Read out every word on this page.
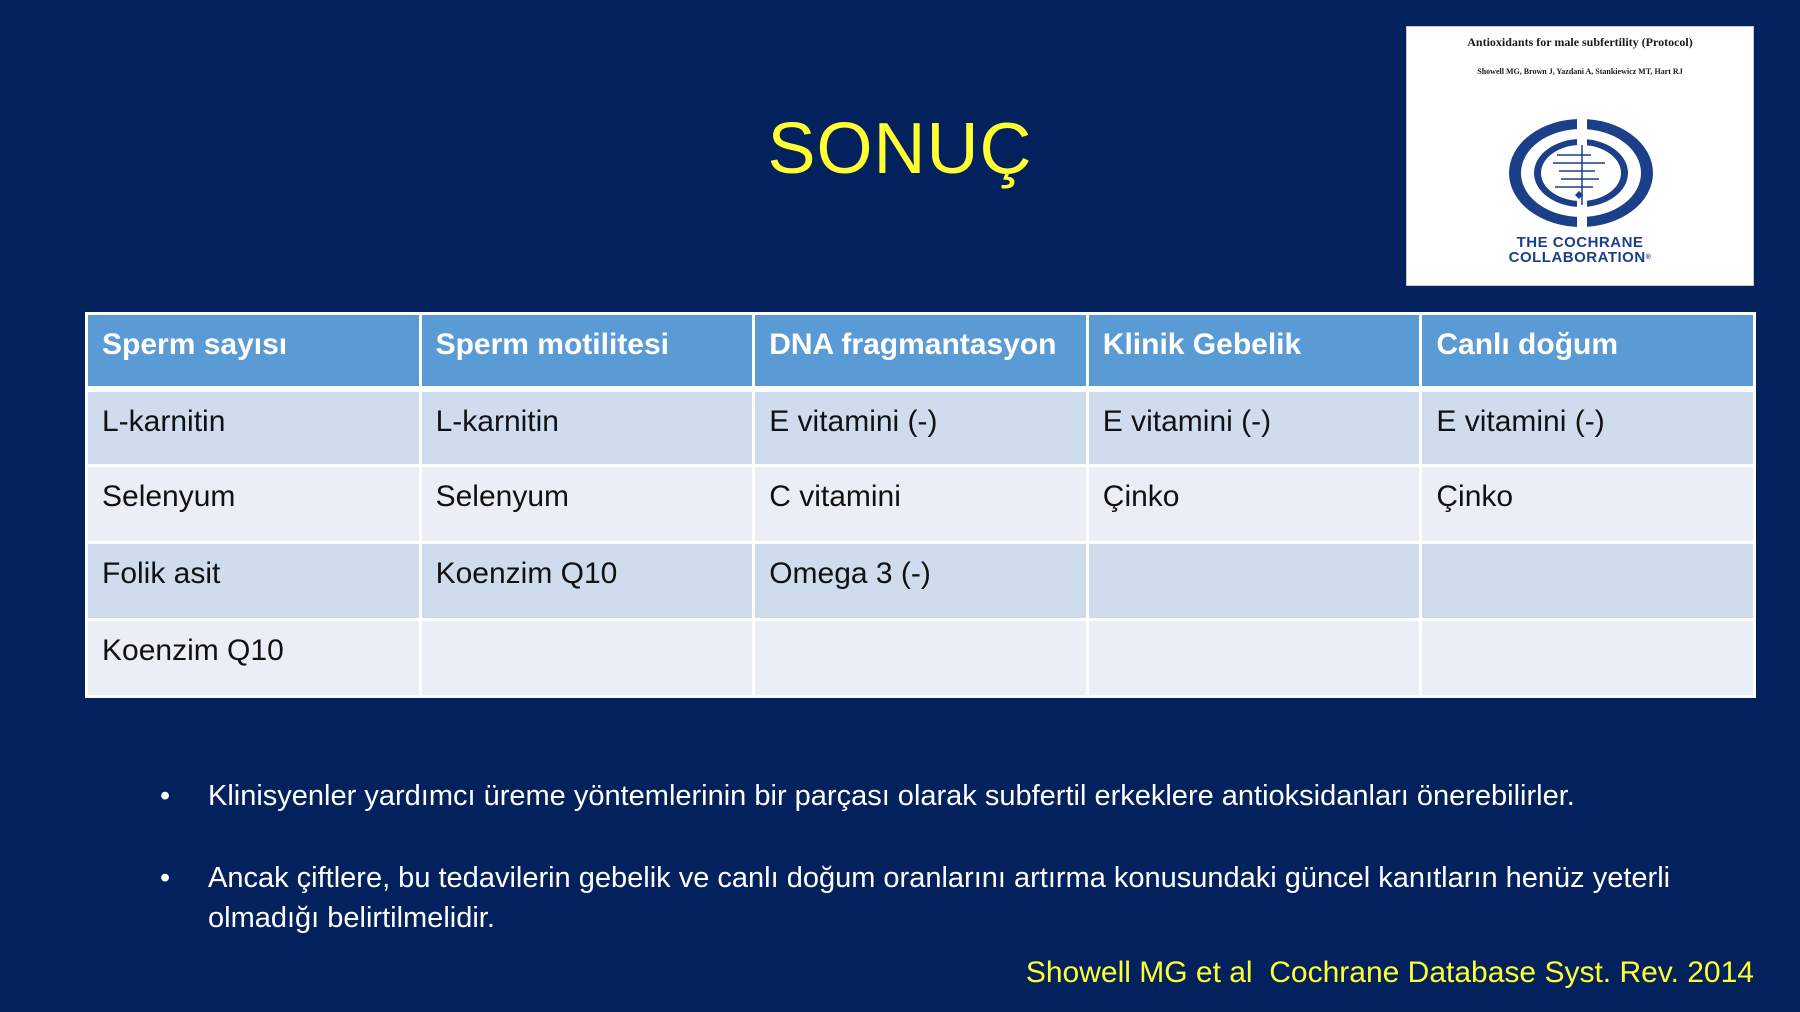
SONUÇ
Antioxidants for male subfertility (Protocol)
Showell MG, Brown J, Yazdani A, Stankiewicz MT, Hart RJ
THE COCHRANE
COLLABORATION®
Sperm sayısı	Sperm motilitesi	DNA fragmantasyon	Klinik Gebelik	Canlı doğum
L-karnitin	L-karnitin	E vitamini (-)	E vitamini (-)	E vitamini (-)
Selenyum	Selenyum	C vitamini	Çinko	Çinko
Folik asit	Koenzim Q10	Omega 3 (-)		
Koenzim Q10				
• Klinisyenler yardımcı üreme yöntemlerinin bir parçası olarak subfertil erkeklere antioksidanları önerebilirler.
• Ancak çiftlere, bu tedavilerin gebelik ve canlı doğum oranlarını artırma konusundaki güncel kanıtların henüz yeterli olmadığı belirtilmelidir.
Showell MG et al  Cochrane Database Syst. Rev. 2014
